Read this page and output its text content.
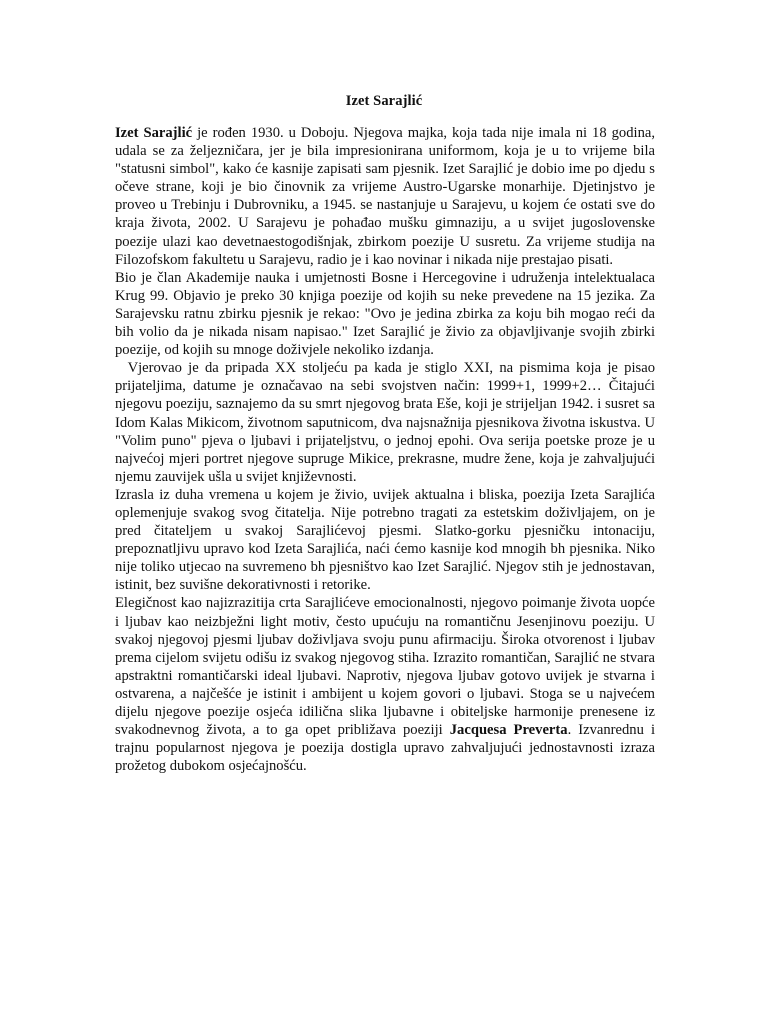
Izet Sarajlić

Izet Sarajlić je rođen 1930. u Doboju. Njegova majka, koja tada nije imala ni 18 godina, udala se za željezničara, jer je bila impresionirana uniformom, koja je u to vrijeme bila "statusni simbol", kako će kasnije zapisati sam pjesnik. Izet Sarajlić je dobio ime po djedu s očeve strane, koji je bio činovnik za vrijeme Austro-Ugarske monarhije. Djetinjstvo je proveo u Trebinju i Dubrovniku, a 1945. se nastanjuje u Sarajevu, u kojem će ostati sve do kraja života, 2002. U Sarajevu je pohađao mušku gimnaziju, a u svijet jugoslovenske poezije ulazi kao devetnaestogodišnjak, zbirkom poezije U susretu. Za vrijeme studija na Filozofskom fakultetu u Sarajevu, radio je i kao novinar i nikada nije prestajao pisati.

Bio je član Akademije nauka i umjetnosti Bosne i Hercegovine i udruženja intelektualaca Krug 99. Objavio je preko 30 knjiga poezije od kojih su neke prevedene na 15 jezika. Za Sarajevsku ratnu zbirku pjesnik je rekao: "Ovo je jedina zbirka za koju bih mogao reći da bih volio da je nikada nisam napisao." Izet Sarajlić je živio za objavljivanje svojih zbirki poezije, od kojih su mnoge doživjele nekoliko izdanja.

Vjerovao je da pripada XX stoljeću pa kada je stiglo XXI, na pismima koja je pisao prijateljima, datume je označavao na sebi svojstven način: 1999+1, 1999+2… Čitajući njegovu poeziju, saznajemo da su smrt njegovog brata Eše, koji je strijeljan 1942. i susret sa Idom Kalas Mikicom, životnom saputnicom, dva najsnažnija pjesnikova životna iskustva. U "Volim puno" pjeva o ljubavi i prijateljstvu, o jednoj epohi. Ova serija poetske proze je u najvećoj mjeri portret njegove supruge Mikice, prekrasne, mudre žene, koja je zahvaljujući njemu zauvijek ušla u svijet književnosti.

Izrasla iz duha vremena u kojem je živio, uvijek aktualna i bliska, poezija Izeta Sarajlića oplemenjuje svakog svog čitatelja. Nije potrebno tragati za estetskim doživljajem, on je pred čitateljem u svakoj Sarajlićevoj pjesmi. Slatko-gorku pjesničku intonaciju, prepoznatljivu upravo kod Izeta Sarajlića, naći ćemo kasnije kod mnogih bh pjesnika. Niko nije toliko utjecao na suvremeno bh pjesništvo kao Izet Sarajlić. Njegov stih je jednostavan, istinit, bez suvišne dekorativnosti i retorike.

Elegičnost kao najizrazitija crta Sarajlićeve emocionalnosti, njegovo poimanje života uopće i ljubav kao neizbježni light motiv, često upućuju na romantičnu Jesenjinovu poeziju. U svakoj njegovoj pjesmi ljubav doživljava svoju punu afirmaciju. Široka otvorenost i ljubav prema cijelom svijetu odišu iz svakog njegovog stiha. Izrazito romantičan, Sarajlić ne stvara apstraktni romantičarski ideal ljubavi. Naprotiv, njegova ljubav gotovo uvijek je stvarna i ostvarena, a najčešće je istinit i ambijent u kojem govori o ljubavi. Stoga se u najvećem dijelu njegove poezije osjeća idilična slika ljubavne i obiteljske harmonije prenesene iz svakodnevnog života, a to ga opet približava poeziji Jacquesa Preverta. Izvanrednu i trajnu popularnost njegova je poezija dostigla upravo zahvaljujući jednostavnosti izraza prožetog dubokom osjećajnošću.
